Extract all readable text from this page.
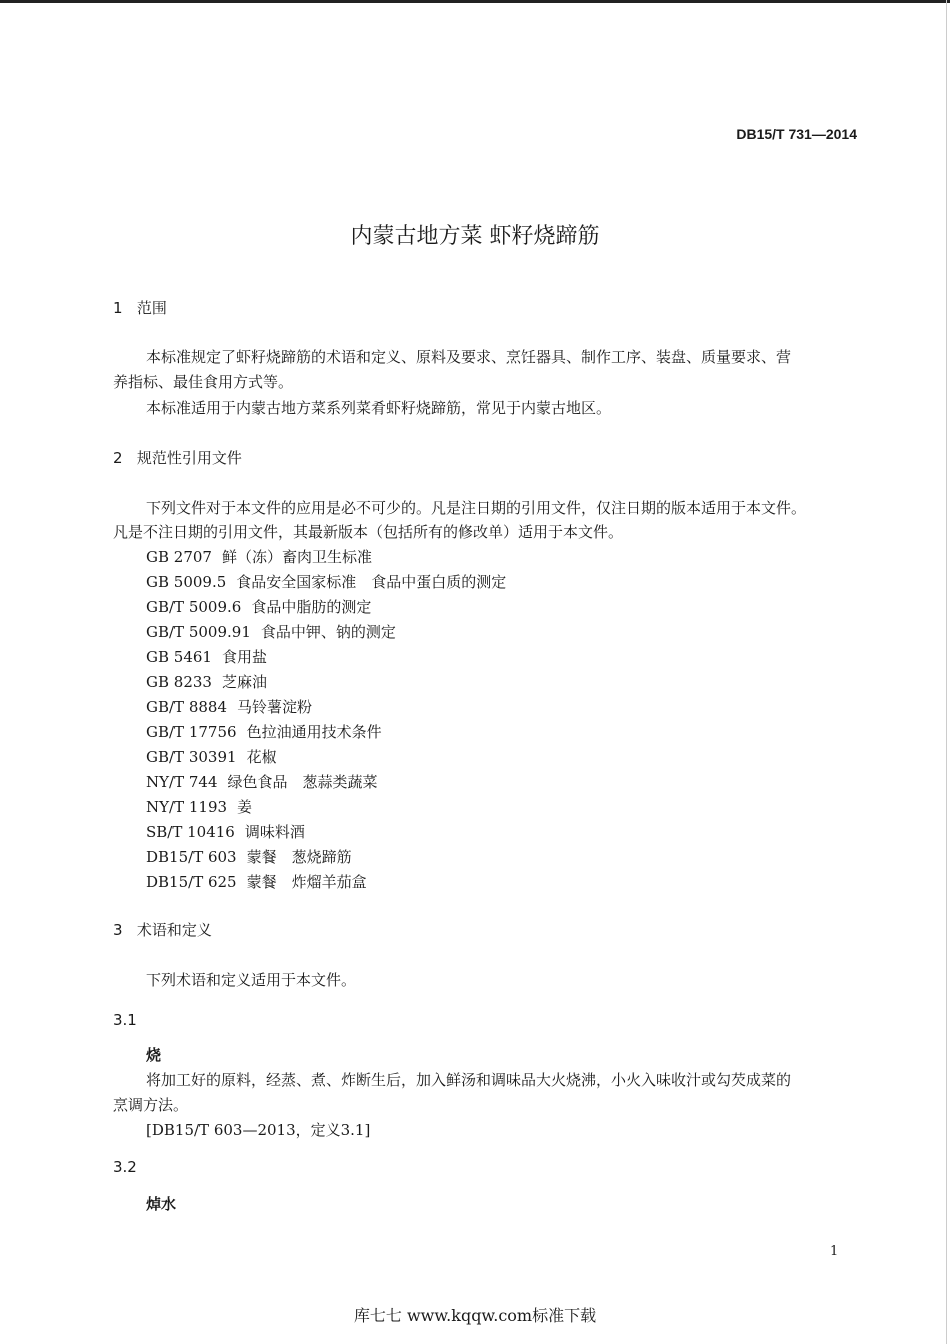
DB15/T 731—2014
内蒙古地方菜 虾籽烧蹄筋
1 范围
本标准规定了虾籽烧蹄筋的术语和定义、原料及要求、烹饪器具、制作工序、装盘、质量要求、营
养指标、最佳食用方式等。
本标准适用于内蒙古地方菜系列菜肴虾籽烧蹄筋，常见于内蒙古地区。
2 规范性引用文件
下列文件对于本文件的应用是必不可少的。凡是注日期的引用文件，仅注日期的版本适用于本文件。
凡是不注日期的引用文件，其最新版本（包括所有的修改单）适用于本文件。
GB 2707 鲜（冻）畜肉卫生标准
GB 5009.5 食品安全国家标准　食品中蛋白质的测定
GB/T 5009.6 食品中脂肪的测定
GB/T 5009.91 食品中钾、钠的测定
GB 5461 食用盐
GB 8233 芝麻油
GB/T 8884 马铃薯淀粉
GB/T 17756 色拉油通用技术条件
GB/T 30391 花椒
NY/T 744 绿色食品　葱蒜类蔬菜
NY/T 1193 姜
SB/T 10416 调味料酒
DB15/T 603 蒙餐　葱烧蹄筋
DB15/T 625 蒙餐　炸熘羊茄盒
3 术语和定义
下列术语和定义适用于本文件。
3.1
烧
将加工好的原料，经蒸、煮、炸断生后，加入鲜汤和调味品大火烧沸，小火入味收汁或勾芡成菜的
烹调方法。
[DB15/T 603—2013，定义3.1]
3.2
焯水
1
库七七 www.kqqw.com标准下载
